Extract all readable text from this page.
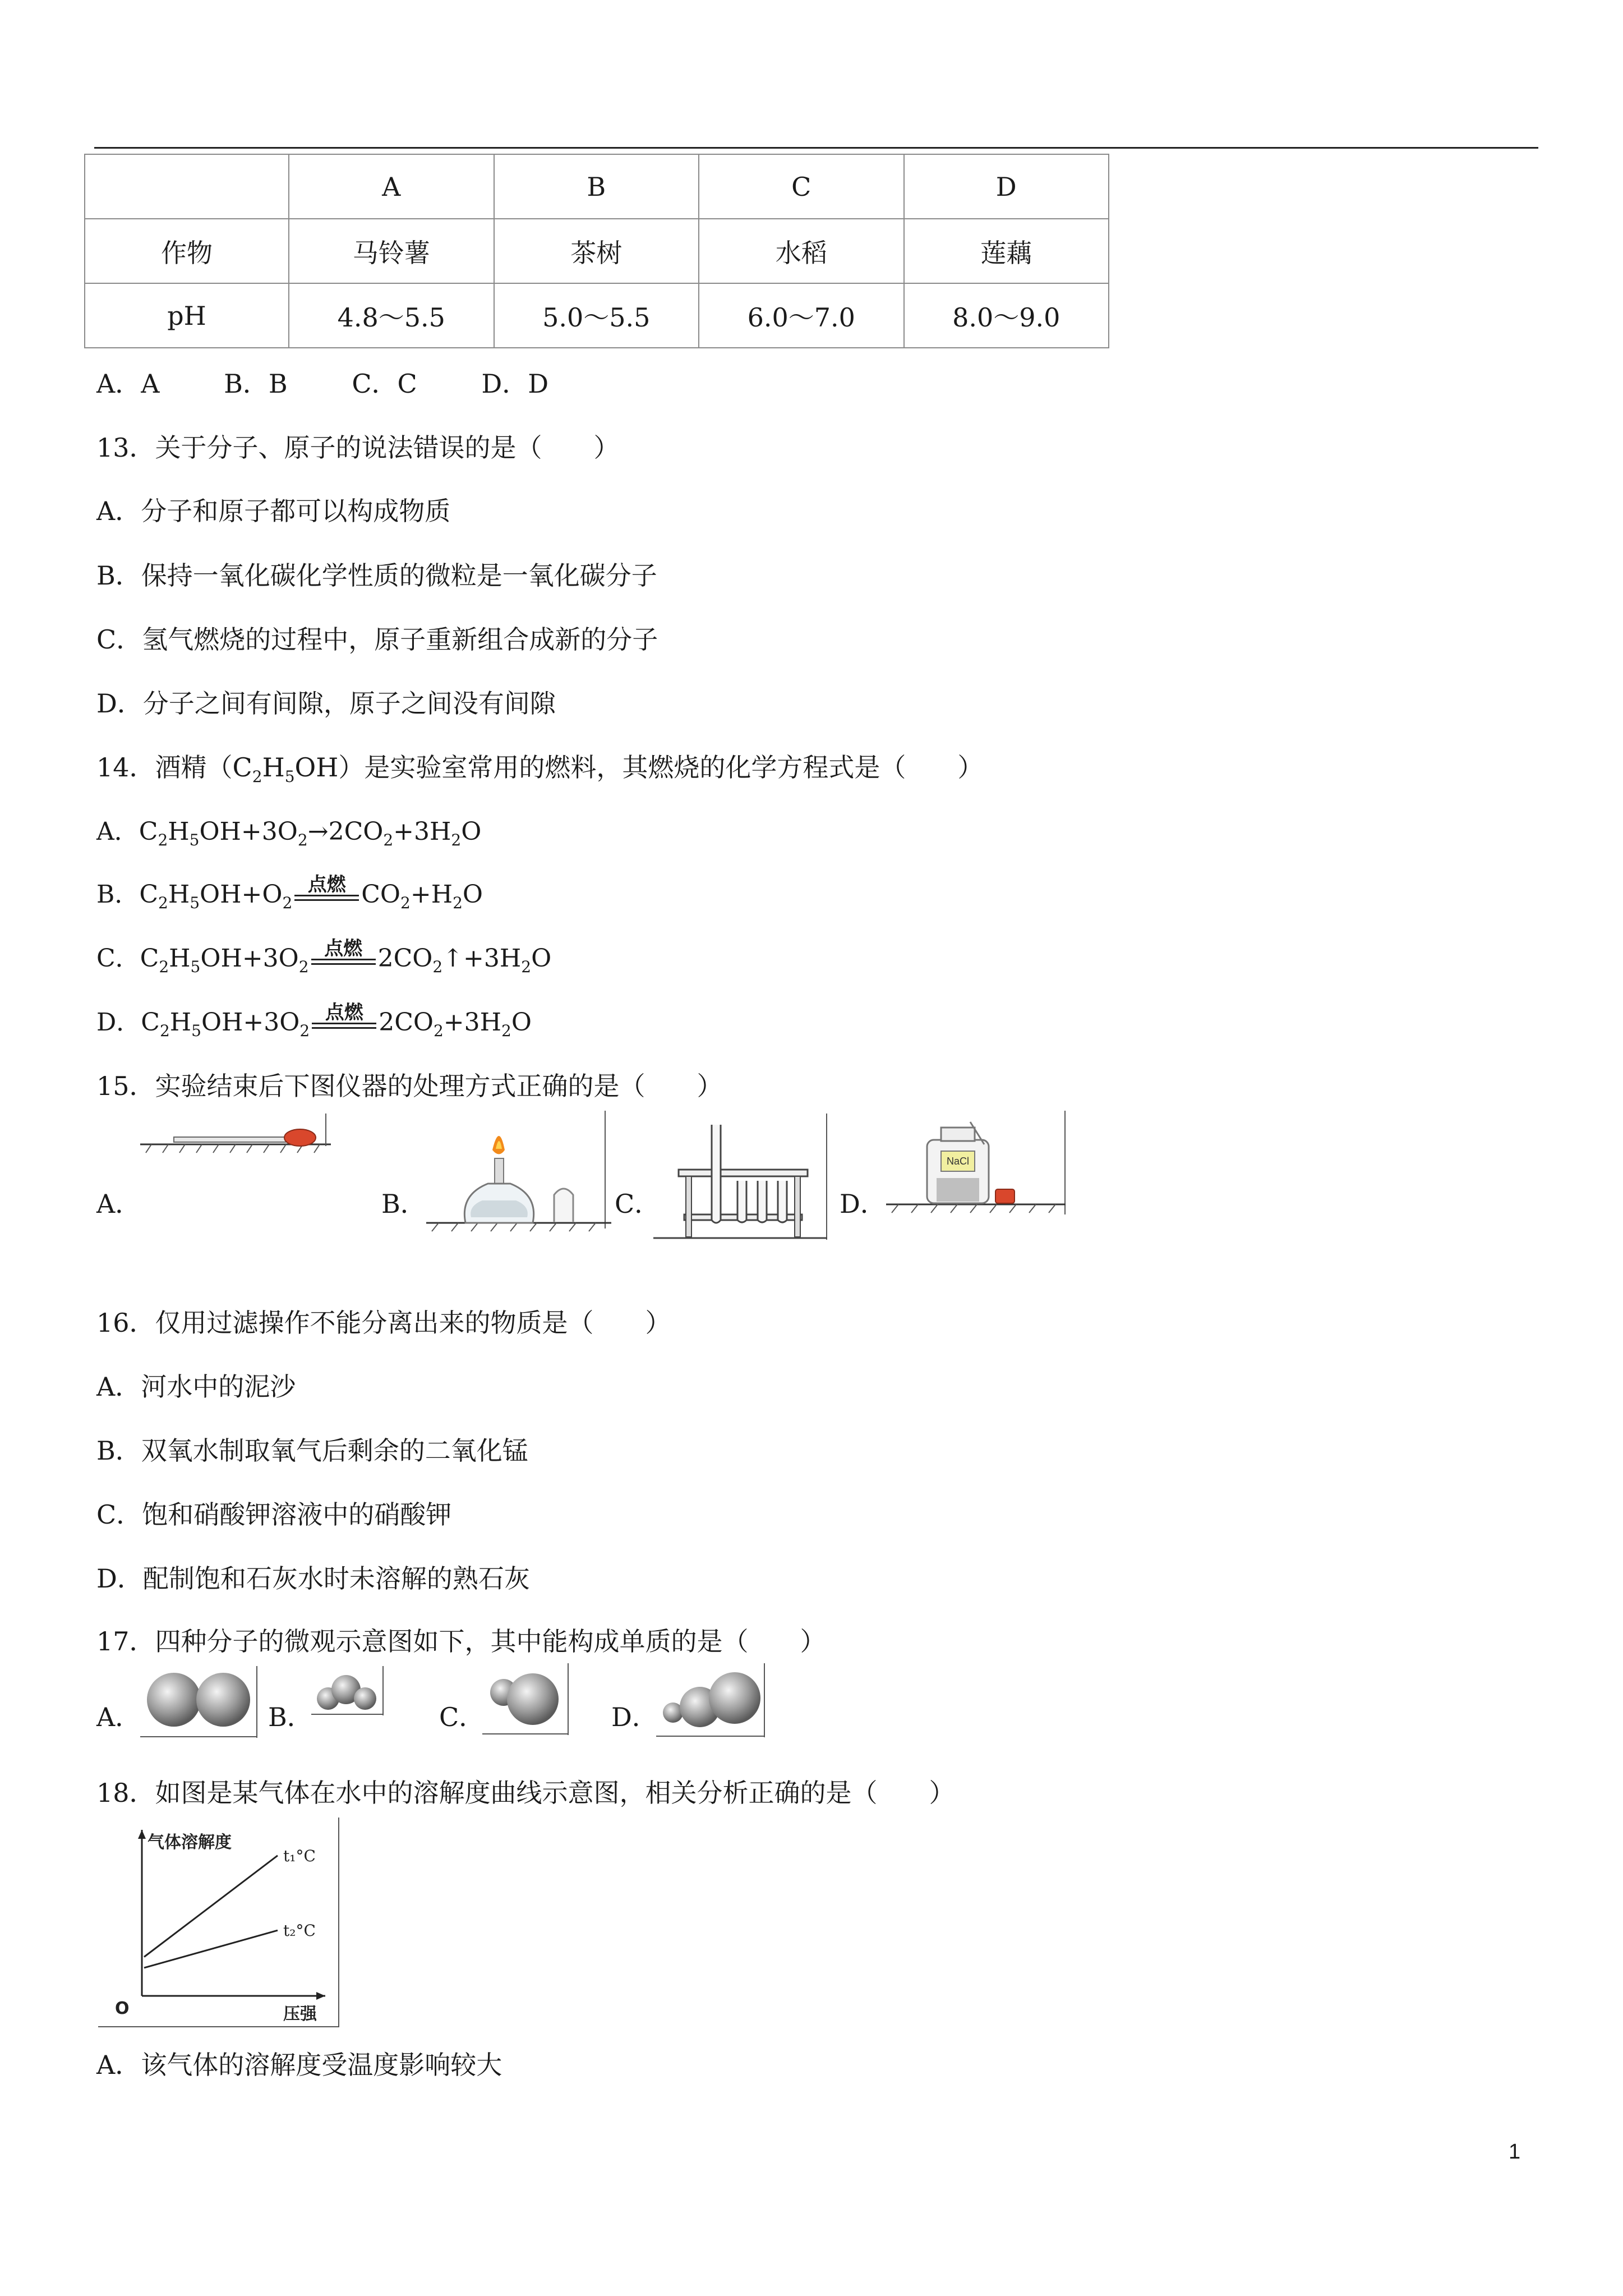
	A	B	C	D
作物	马铃薯	茶树	水稻	莲藕
pH	4.8～5.5	5.0～5.5	6.0～7.0	8.0～9.0
A．A B．B C．C D．D
13．关于分子、原子的说法错误的是（　　）
A．分子和原子都可以构成物质
B．保持一氧化碳化学性质的微粒是一氧化碳分子
C．氢气燃烧的过程中，原子重新组合成新的分子
D．分子之间有间隙，原子之间没有间隙
14．酒精$(C_2H_5OH)$是实验室常用的燃料，其燃烧的化学方程式是（　　）
A．$C_2H_5OH+3O_2\to 2CO_2+3H_2O$
B．$C_2H_5OH+O_2$
点燃 $CO_2+H_2O$
C．$C_2H_5OH+3O_2$
点燃 $2CO_2↑+3H_2O$
D．$C_2H_5OH+3O_2$
点燃 $2CO_2+3H_2O$
15．实验结束后下图仪器的处理方式正确的是（　　）
A．	B．	C．	D．
NaCl
16．仅用过滤操作不能分离出来的物质是（　　）
A．河水中的泥沙
B．双氧水制取氧气后剩余的二氧化锰
C．饱和硝酸钾溶液中的硝酸钾
D．配制饱和石灰水时未溶解的熟石灰
17．四种分子的微观示意图如下，其中能构成单质的是（　　）
A．	B．	C．	D．
18．如图是某气体在水中的溶解度曲线示意图，相关分析正确的是（　　）
气体溶解度
压强
O
t₁°C
t₂°C
A．该气体的溶解度受温度影响较大
1
